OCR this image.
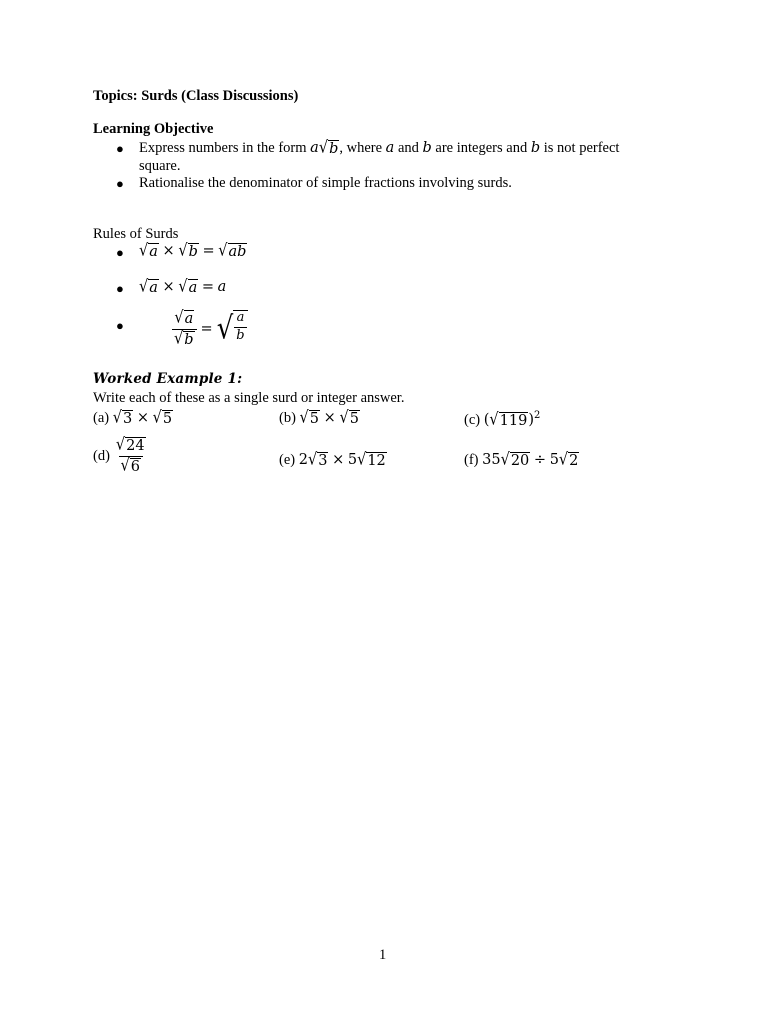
Topics: Surds (Class Discussions)
Learning Objective
● Express numbers in the form a √ b , where a and b are integers and b is not perfect
square.
● Rationalise the denominator of simple fractions involving surds.
Rules of Surds
● √ a × √ b = √ ab
● √ a × √ a = a
●	$\frac{√ a}{√ b}$ = √ $\frac{a}{b}$
Worked Example 1:
Write each of these as a single surd or integer answer.
(a) √ 3 × √ 5	(b) √ 5 × √ 5	(c) ( √ 119 )$^2$
$(d) \frac{√ 24}{√ 6}$	(e) 2 √ 3 × 5 √ 12	(f) 35 √ 20 ÷ 5 √ 2
1
